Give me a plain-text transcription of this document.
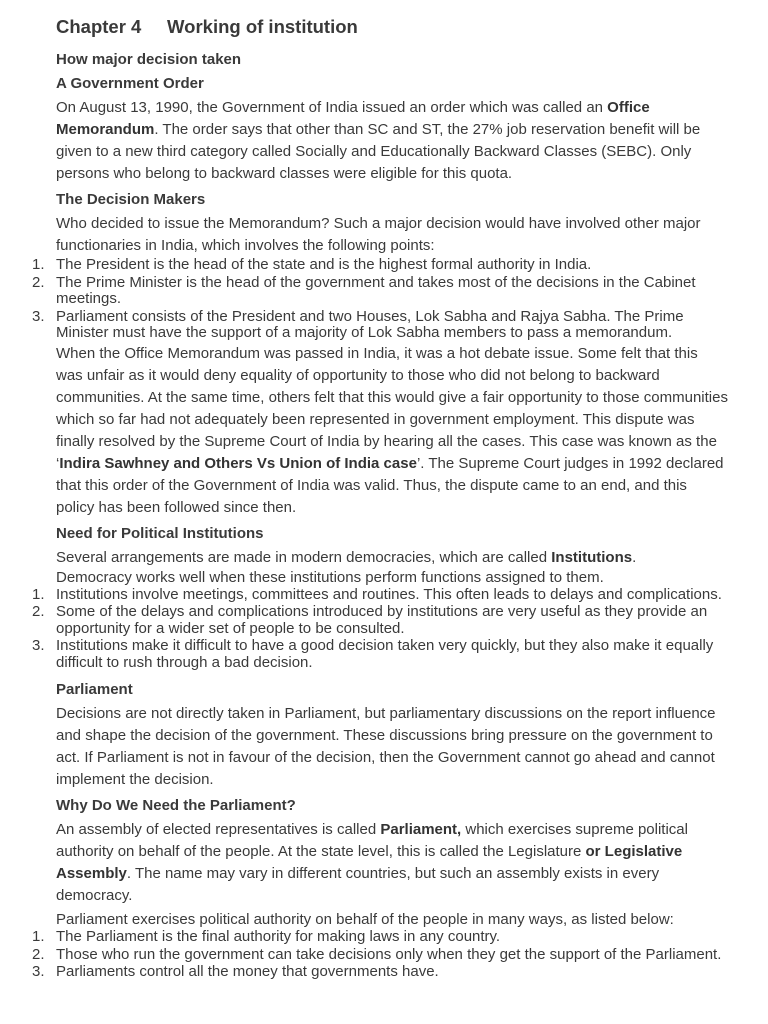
Chapter 4 Working of institution
How major decision taken
A Government Order
On August 13, 1990, the Government of India issued an order which was called an Office Memorandum. The order says that other than SC and ST, the 27% job reservation benefit will be given to a new third category called Socially and Educationally Backward Classes (SEBC). Only persons who belong to backward classes were eligible for this quota.
The Decision Makers
Who decided to issue the Memorandum? Such a major decision would have involved other major functionaries in India, which involves the following points:
1. The President is the head of the state and is the highest formal authority in India.
2. The Prime Minister is the head of the government and takes most of the decisions in the Cabinet meetings.
3. Parliament consists of the President and two Houses, Lok Sabha and Rajya Sabha. The Prime Minister must have the support of a majority of Lok Sabha members to pass a memorandum.
When the Office Memorandum was passed in India, it was a hot debate issue. Some felt that this was unfair as it would deny equality of opportunity to those who did not belong to backward communities. At the same time, others felt that this would give a fair opportunity to those communities which so far had not adequately been represented in government employment. This dispute was finally resolved by the Supreme Court of India by hearing all the cases. This case was known as the ‘Indira Sawhney and Others Vs Union of India case’. The Supreme Court judges in 1992 declared that this order of the Government of India was valid. Thus, the dispute came to an end, and this policy has been followed since then.
Need for Political Institutions
Several arrangements are made in modern democracies, which are called Institutions.
Democracy works well when these institutions perform functions assigned to them.
1. Institutions involve meetings, committees and routines. This often leads to delays and complications.
2. Some of the delays and complications introduced by institutions are very useful as they provide an opportunity for a wider set of people to be consulted.
3. Institutions make it difficult to have a good decision taken very quickly, but they also make it equally difficult to rush through a bad decision.
Parliament
Decisions are not directly taken in Parliament, but parliamentary discussions on the report influence and shape the decision of the government. These discussions bring pressure on the government to act. If Parliament is not in favour of the decision, then the Government cannot go ahead and cannot implement the decision.
Why Do We Need the Parliament?
An assembly of elected representatives is called Parliament, which exercises supreme political authority on behalf of the people. At the state level, this is called the Legislature or Legislative Assembly. The name may vary in different countries, but such an assembly exists in every democracy.
Parliament exercises political authority on behalf of the people in many ways, as listed below:
1. The Parliament is the final authority for making laws in any country.
2. Those who run the government can take decisions only when they get the support of the Parliament.
3. Parliaments control all the money that governments have.
